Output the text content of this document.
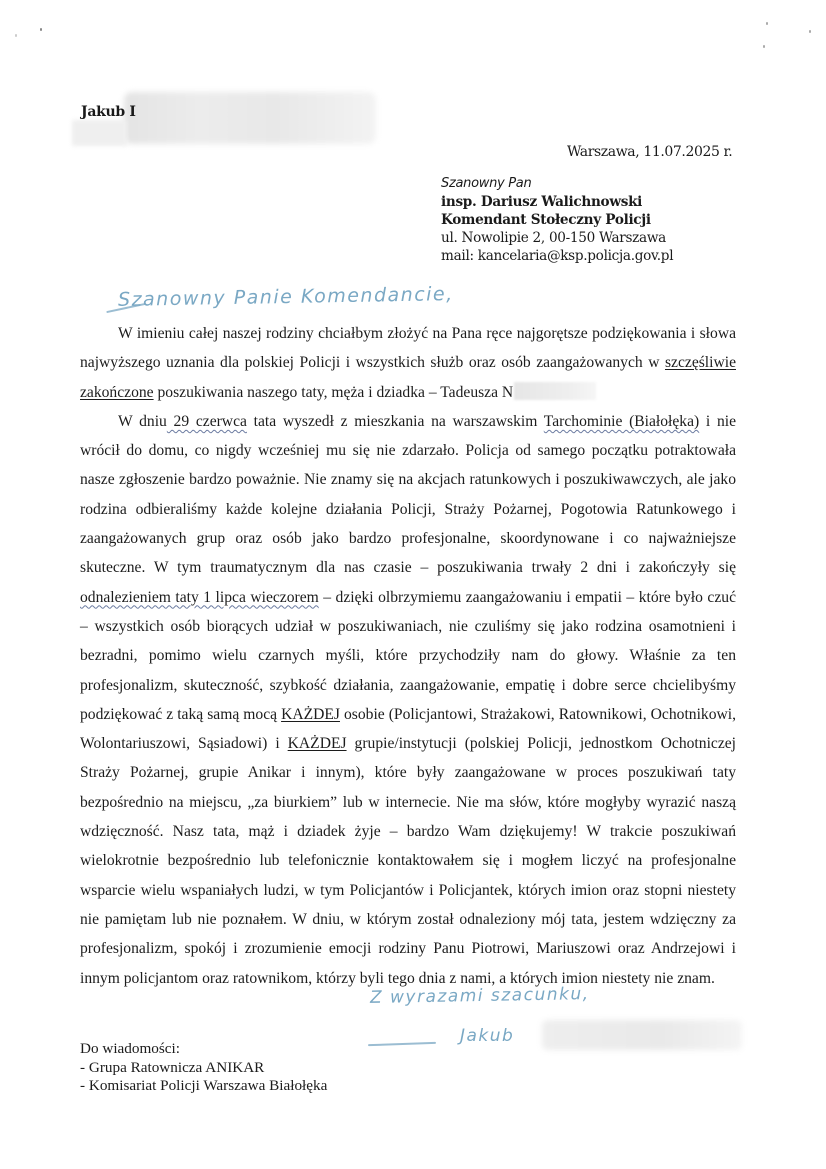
Jakub I
Warszawa, 11.07.2025 r.
Szanowny Pan
insp. Dariusz Walichnowski
Komendant Stołeczny Policji
ul. Nowolipie 2, 00-150 Warszawa
mail: kancelaria@ksp.policja.gov.pl
Szanowny Panie Komendancie,

W imieniu całej naszej rodziny chciałbym złożyć na Pana ręce najgorętsze podziękowania i słowa najwyższego uznania dla polskiej Policji i wszystkich służb oraz osób zaangażowanych w szczęśliwie zakończone poszukiwania naszego taty, męża i dziadka – Tadeusza N

W dniu 29 czerwca tata wyszedł z mieszkania na warszawskim Tarchominie (Białołęka) i nie wrócił do domu, co nigdy wcześniej mu się nie zdarzało. Policja od samego początku potraktowała nasze zgłoszenie bardzo poważnie. Nie znamy się na akcjach ratunkowych i poszukiwawczych, ale jako rodzina odbieraliśmy każde kolejne działania Policji, Straży Pożarnej, Pogotowia Ratunkowego i zaangażowanych grup oraz osób jako bardzo profesjonalne, skoordynowane i co najważniejsze skuteczne. W tym traumatycznym dla nas czasie – poszukiwania trwały 2 dni i zakończyły się odnalezieniem taty 1 lipca wieczorem – dzięki olbrzymiemu zaangażowaniu i empatii – które było czuć – wszystkich osób biorących udział w poszukiwaniach, nie czuliśmy się jako rodzina osamotnieni i bezradni, pomimo wielu czarnych myśli, które przychodziły nam do głowy. Właśnie za ten profesjonalizm, skuteczność, szybkość działania, zaangażowanie, empatię i dobre serce chcielibyśmy podziękować z taką samą mocą KAŻDEJ osobie (Policjantowi, Strażakowi, Ratownikowi, Ochotnikowi, Wolontariuszowi, Sąsiadowi) i KAŻDEJ grupie/instytucji (polskiej Policji, jednostkom Ochotniczej Straży Pożarnej, grupie Anikar i innym), które były zaangażowane w proces poszukiwań taty bezpośrednio na miejscu, „za biurkiem” lub w internecie. Nie ma słów, które mogłyby wyrazić naszą wdzięczność. Nasz tata, mąż i dziadek żyje – bardzo Wam dziękujemy! W trakcie poszukiwań wielokrotnie bezpośrednio lub telefonicznie kontaktowałem się i mogłem liczyć na profesjonalne wsparcie wielu wspaniałych ludzi, w tym Policjantów i Policjantek, których imion oraz stopni niestety nie pamiętam lub nie poznałem. W dniu, w którym został odnaleziony mój tata, jestem wdzięczny za profesjonalizm, spokój i zrozumienie emocji rodziny Panu Piotrowi, Mariuszowi oraz Andrzejowi i innym policjantom oraz ratownikom, którzy byli tego dnia z nami, a których imion niestety nie znam.

Z wyrazami szacunku,
Jakub
Do wiadomości:
- Grupa Ratownicza ANIKAR
- Komisariat Policji Warszawa Białołęka
